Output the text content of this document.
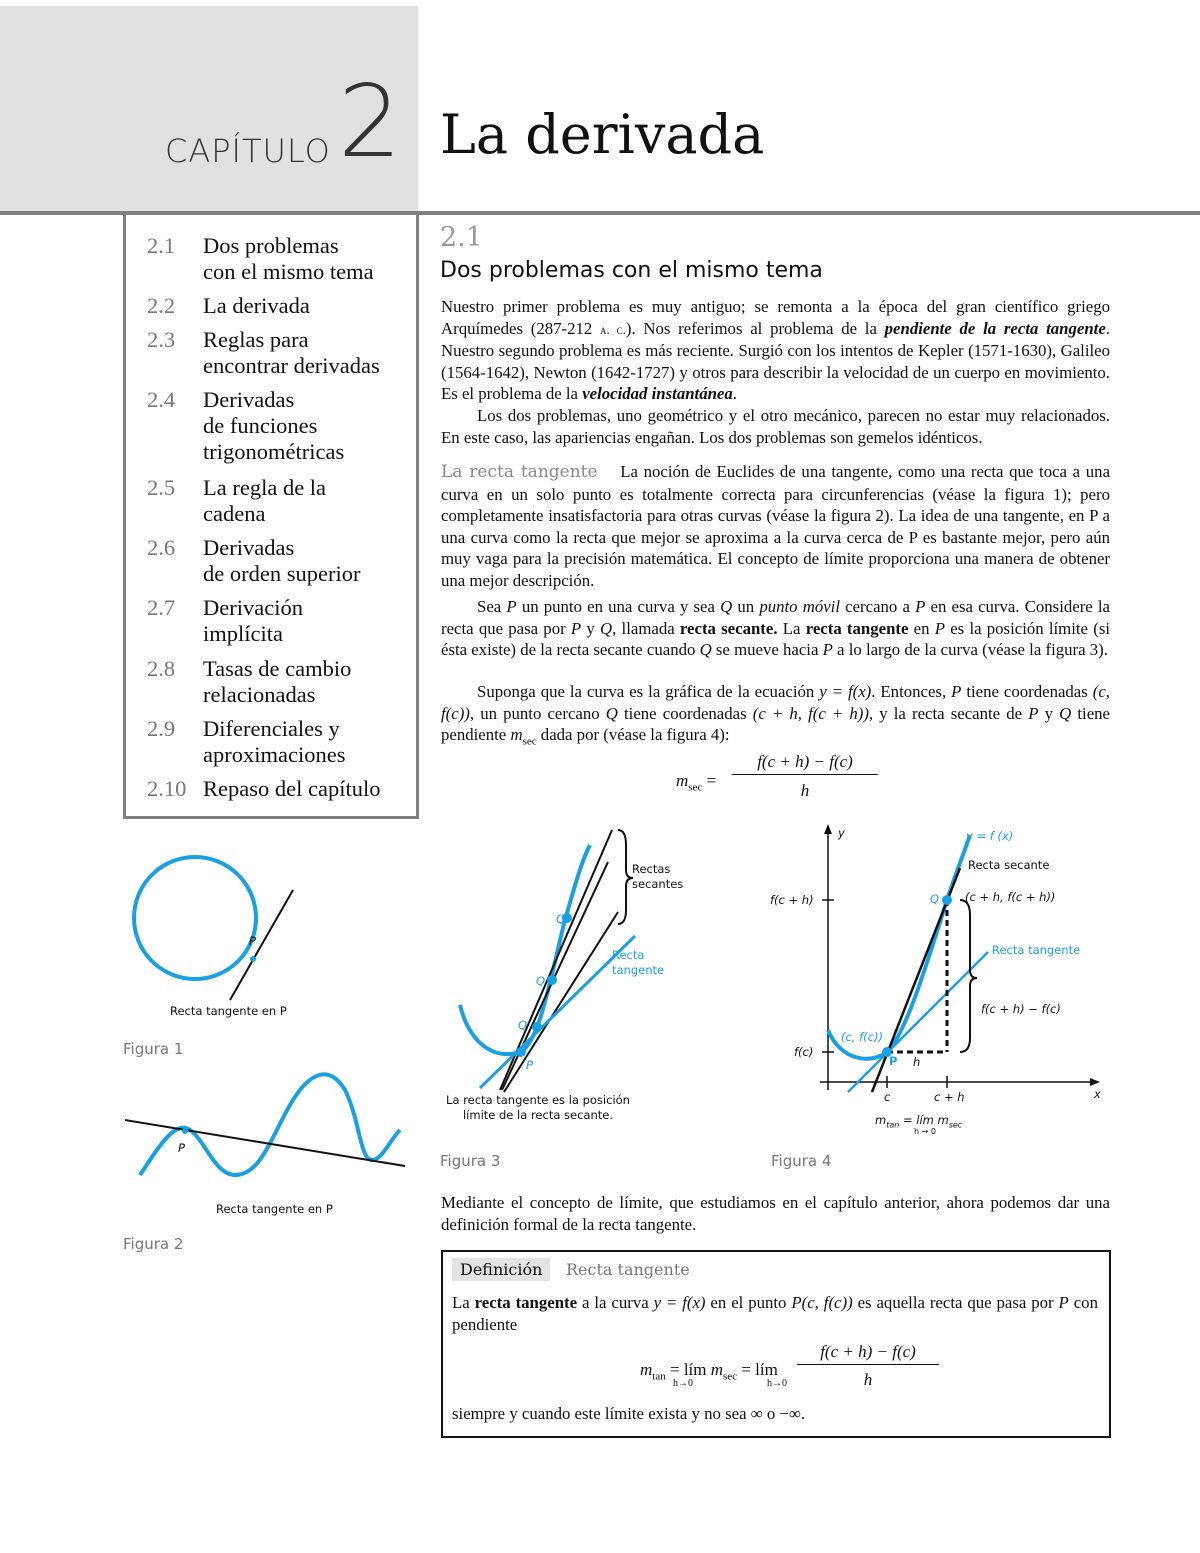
CAPÍTULO 2 La derivada
2.1 Dos problemas
con el mismo tema
2.2 La derivada
2.3 Reglas para
encontrar derivadas
2.4 Derivadas
de funciones
trigonométricas
2.5 La regla de la
cadena
2.6 Derivadas
de orden superior
2.7 Derivación
implícita
2.8 Tasas de cambio
relacionadas
2.9 Diferenciales y
aproximaciones
2.10 Repaso del capítulo
2.1
Dos problemas con el mismo tema
Nuestro primer problema es muy antiguo; se remonta a la época del gran científico griego Arquímedes (287-212 a. c.). Nos referimos al problema de la pendiente de la recta tangente. Nuestro segundo problema es más reciente. Surgió con los intentos de Kepler (1571-1630), Galileo (1564-1642), Newton (1642-1727) y otros para describir la velocidad de un cuerpo en movimiento. Es el problema de la velocidad instantánea.
Los dos problemas, uno geométrico y el otro mecánico, parecen no estar muy relacionados. En este caso, las apariencias engañan. Los dos problemas son gemelos idénticos.
La recta tangente La noción de Euclides de una tangente, como una recta que toca a una curva en un solo punto es totalmente correcta para circunferencias (véase la figura 1); pero completamente insatisfactoria para otras curvas (véase la figura 2). La idea de una tangente, en P a una curva como la recta que mejor se aproxima a la curva cerca de P es bastante mejor, pero aún muy vaga para la precisión matemática. El concepto de límite proporciona una manera de obtener una mejor descripción.
Sea P un punto en una curva y sea Q un punto móvil cercano a P en esa curva. Considere la recta que pasa por P y Q, llamada recta secante. La recta tangente en P es la posición límite (si ésta existe) de la recta secante cuando Q se mueve hacia P a lo largo de la curva (véase la figura 3).
Suponga que la curva es la gráfica de la ecuación y = f(x). Entonces, P tiene coordenadas (c, f(c)), un punto cercano Q tiene coordenadas (c + h, f(c + h)), y la recta secante de P y Q tiene pendiente $m_{sec}$ dada por (véase la figura 4):
$m_{sec}$ =
f(c + h) − f(c)
h
P
Recta tangente en P
Figura 1
P
Recta tangente en P
Figura 2
Q
Q
Q
P
Rectas
secantes
Recta
tangente
La recta tangente es la posición
límite de la recta secante.
Figura 3
y
x
y = f (x)
Recta secante
Q (c + h, f(c + h))
Recta tangente
f(c + h)
f(c)
f(c + h) − f(c)
(c, f(c))
P h
c	c + h
$m_{tan}$ = lím $m_{sec}$
h → 0
Figura 4
Mediante el concepto de límite, que estudiamos en el capítulo anterior, ahora podemos dar una definición formal de la recta tangente.
Definición	Recta tangente
La recta tangente a la curva y = f(x) en el punto P(c, f(c)) es aquella recta que pasa por P con pendiente
$m_{tan}$ = lím $m_{sec}$ = lím
h→0	h→0
f(c + h) − f(c)
h
siempre y cuando este límite exista y no sea ∞ o −∞.
